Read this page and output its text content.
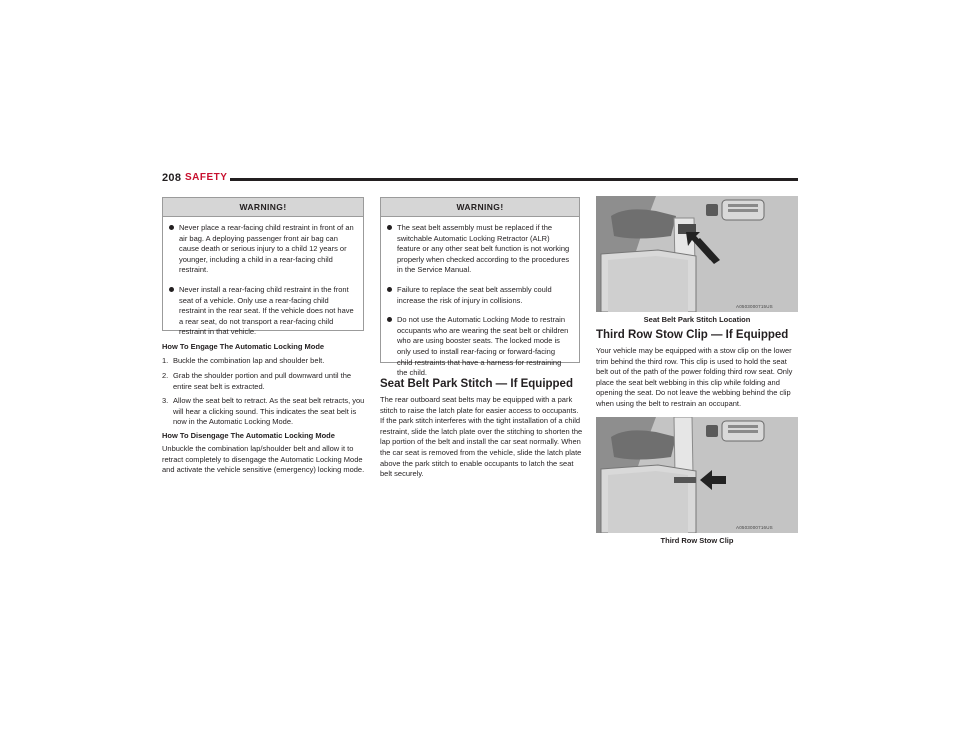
208 SAFETY
WARNING!
Never place a rear-facing child restraint in front of an air bag. A deploying passenger front air bag can cause death or serious injury to a child 12 years or younger, including a child in a rear-facing child restraint.
Never install a rear-facing child restraint in the front seat of a vehicle. Only use a rear-facing child restraint in the rear seat. If the vehicle does not have a rear seat, do not transport a rear-facing child restraint in that vehicle.
How To Engage The Automatic Locking Mode
1. Buckle the combination lap and shoulder belt.
2. Grab the shoulder portion and pull downward until the entire seat belt is extracted.
3. Allow the seat belt to retract. As the seat belt retracts, you will hear a clicking sound. This indicates the seat belt is now in the Automatic Locking Mode.
How To Disengage The Automatic Locking Mode

Unbuckle the combination lap/shoulder belt and allow it to retract completely to disengage the Automatic Locking Mode and activate the vehicle sensitive (emergency) locking mode.

WARNING!
The seat belt assembly must be replaced if the switchable Automatic Locking Retractor (ALR) feature or any other seat belt function is not working properly when checked according to the procedures in the Service Manual.
Failure to replace the seat belt assembly could increase the risk of injury in collisions.
Do not use the Automatic Locking Mode to restrain occupants who are wearing the seat belt or children who are using booster seats. The locked mode is only used to install rear-facing or forward-facing child restraints that have a harness for restraining the child.
Seat Belt Park Stitch — If Equipped

The rear outboard seat belts may be equipped with a park stitch to raise the latch plate for easier access to occupants. If the park stitch interferes with the tight installation of a child restraint, slide the latch plate over the stitching to shorten the lap portion of the belt and install the car seat normally. When the car seat is removed from the vehicle, slide the latch plate above the park stitch to enable occupants to latch the seat belt securely.

A0503000715US
Seat Belt Park Stitch Location
Third Row Stow Clip — If Equipped

Your vehicle may be equipped with a stow clip on the lower trim behind the third row. This clip is used to hold the seat belt out of the path of the power folding third row seat. Only place the seat belt webbing in this clip while folding and opening the seat. Do not leave the webbing behind the clip when using the belt to restrain an occupant.

A0503000716US
Third Row Stow Clip
